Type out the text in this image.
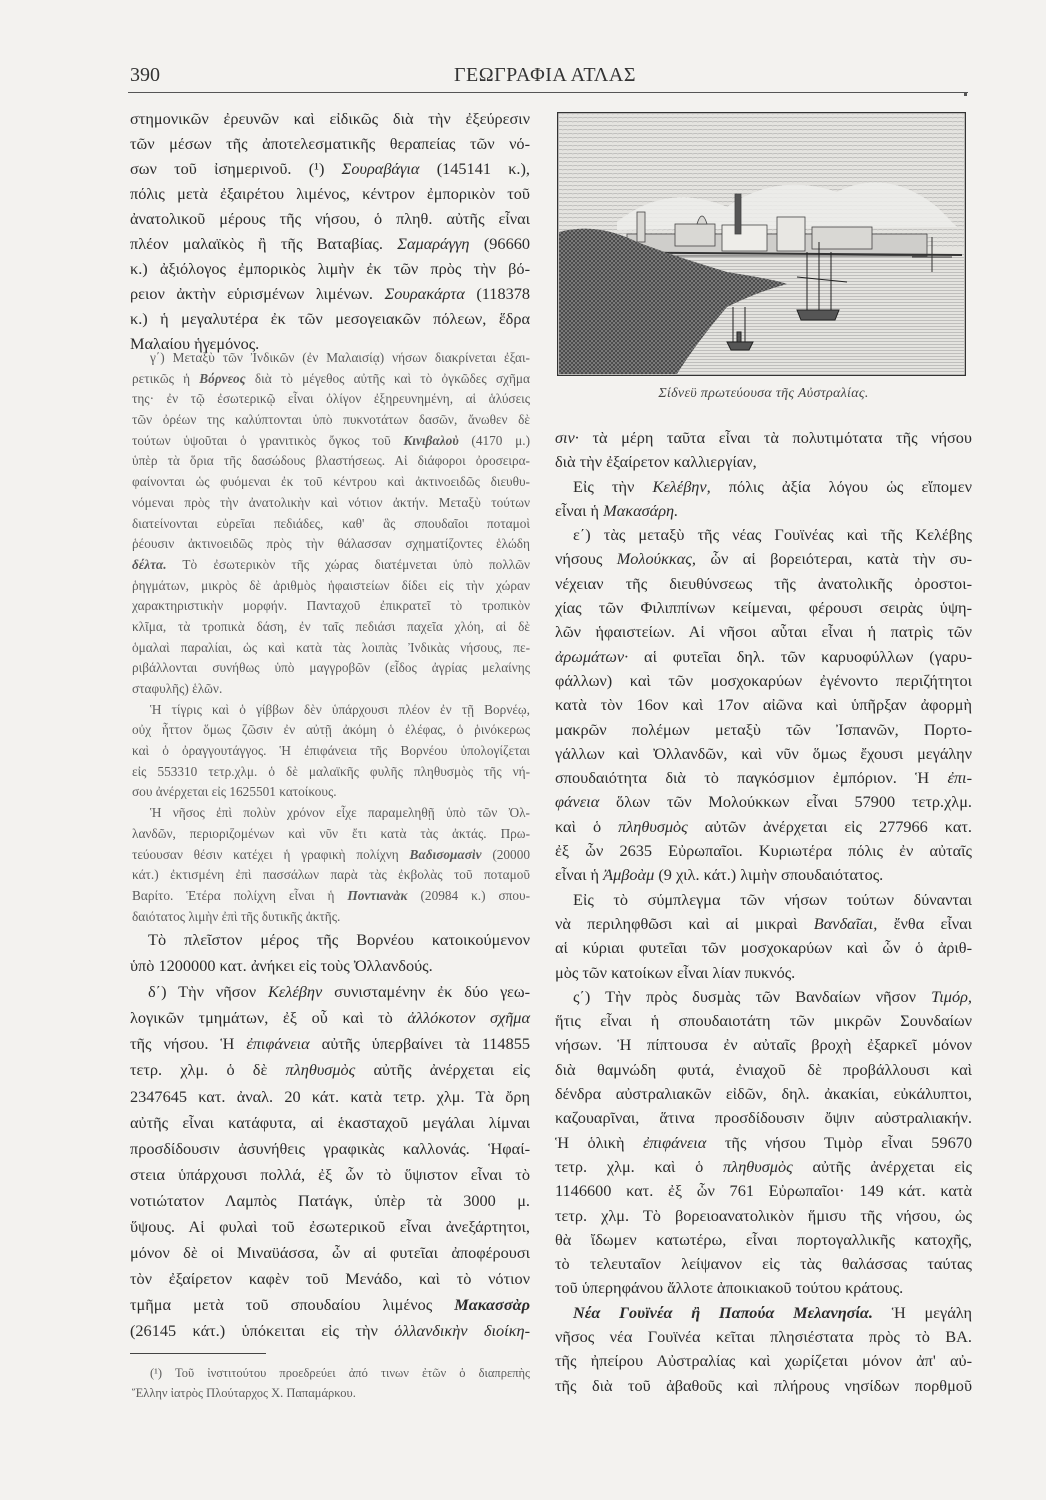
390	ΓΕΩΓΡΑΦΙΑ ΑΤΛΑΣ
στημονικῶν ἐρευνῶν καὶ εἰδικῶς διὰ τὴν ἐξεύρεσιν
τῶν μέσων τῆς ἀποτελεσματικῆς θεραπείας τῶν νό-
σων τοῦ ἰσημερινοῦ. (¹) Σουραβάγια (145141 κ.),
πόλις μετὰ ἐξαιρέτου λιμένος, κέντρον ἐμπορικὸν τοῦ
ἀνατολικοῦ μέρους τῆς νήσου, ὁ πληθ. αὐτῆς εἶναι
πλέον μαλαϊκὸς ἢ τῆς Βαταβίας. Σαμαράγγη (96660
κ.) ἀξιόλογος ἐμπορικὸς λιμὴν ἐκ τῶν πρὸς τὴν βό-
ρειον ἀκτὴν εὑρισμένων λιμένων. Σουρακάρτα (118378
κ.) ἡ μεγαλυτέρα ἐκ τῶν μεσογειακῶν πόλεων, ἕδρα
Μαλαίου ἡγεμόνος.
γ΄) Μεταξὺ τῶν Ἰνδικῶν (ἐν Μαλαισίᾳ) νήσων διακρίνεται ἐξαι-
ρετικῶς ἡ Βόρνεος διὰ τὸ μέγεθος αὐτῆς καὶ τὸ ὀγκῶδες σχῆμα
της· ἐν τῷ ἐσωτερικῷ εἶναι ὀλίγον ἐξηρευνημένη, αἱ ἁλύσεις
τῶν ὀρέων της καλύπτονται ὑπὸ πυκνοτάτων δασῶν, ἄνωθεν δὲ
τούτων ὑψοῦται ὁ γρανιτικὸς ὄγκος τοῦ Κινιβαλοὺ (4170 μ.)
ὑπὲρ τὰ ὅρια τῆς δασώδους βλαστήσεως. Αἱ διάφοροι ὀροσειρα-
φαίνονται ὡς φυόμεναι ἐκ τοῦ κέντρου καὶ ἀκτινοειδῶς διευθυ-
νόμεναι πρὸς τὴν ἀνατολικὴν καὶ νότιον ἀκτήν. Μεταξὺ τούτων
διατείνονται εὐρεῖαι πεδιάδες, καθ' ἃς σπουδαῖοι ποταμοὶ
ῥέουσιν ἀκτινοειδῶς πρὸς τὴν θάλασσαν σχηματίζοντες ἑλώδη
δέλτα. Τὸ ἐσωτερικὸν τῆς χώρας διατέμνεται ὑπὸ πολλῶν
ῥηγμάτων, μικρὸς δὲ ἀριθμὸς ἡφαιστείων δίδει εἰς τὴν χώραν
χαρακτηριστικὴν μορφήν. Πανταχοῦ ἐπικρατεῖ τὸ τροπικὸν
κλῖμα, τὰ τροπικὰ δάση, ἐν ταῖς πεδιάσι παχεῖα χλόη, αἱ δὲ
ὁμαλαὶ παραλίαι, ὡς καὶ κατὰ τὰς λοιπὰς Ἰνδικὰς νήσους, πε-
ριβάλλονται συνήθως ὑπὸ μαγγροβῶν (εἶδος ἀγρίας μελαίνης
σταφυλῆς) ἑλῶν.
Ἡ τίγρις καὶ ὁ γίββων δὲν ὑπάρχουσι πλέον ἐν τῇ Βορνέῳ,
οὐχ ἧττον ὅμως ζῶσιν ἐν αὐτῇ ἀκόμη ὁ ἐλέφας, ὁ ῥινόκερως
καὶ ὁ ὀραγγουτάγγος. Ἡ ἐπιφάνεια τῆς Βορνέου ὑπολογίζεται
εἰς 553310 τετρ.χλμ. ὁ δὲ μαλαϊκῆς φυλῆς πληθυσμὸς τῆς νή-
σου ἀνέρχεται εἰς 1625501 κατοίκους.
Ἡ νῆσος ἐπὶ πολὺν χρόνον εἶχε παραμεληθῇ ὑπὸ τῶν Ὀλ-
λανδῶν, περιοριζομένων καὶ νῦν ἔτι κατὰ τὰς ἀκτάς. Πρω-
τεύουσαν θέσιν κατέχει ἡ γραφικὴ πολίχνη Βαδισομασὶν (20000
κάτ.) ἐκτισμένη ἐπὶ πασσάλων παρὰ τὰς ἐκβολὰς τοῦ ποταμοῦ
Βαρίτο. Ἑτέρα πολίχνη εἶναι ἡ Ποντιανὰκ (20984 κ.) σπου-
δαιότατος λιμὴν ἐπὶ τῆς δυτικῆς ἀκτῆς.
Τὸ πλεῖστον μέρος τῆς Βορνέου κατοικούμενον
ὑπὸ 1200000 κατ. ἀνήκει εἰς τοὺς Ὀλλανδούς.
δ΄) Τὴν νῆσον Κελέβην συνισταμένην ἐκ δύο γεω-
λογικῶν τμημάτων, ἐξ οὗ καὶ τὸ ἀλλόκοτον σχῆμα
τῆς νήσου. Ἡ ἐπιφάνεια αὐτῆς ὑπερβαίνει τὰ 114855
τετρ. χλμ. ὁ δὲ πληθυσμὸς αὐτῆς ἀνέρχεται εἰς
2347645 κατ. ἀναλ. 20 κάτ. κατὰ τετρ. χλμ. Τὰ ὄρη
αὐτῆς εἶναι κατάφυτα, αἱ ἑκασταχοῦ μεγάλαι λίμναι
προσδίδουσιν ἀσυνήθεις γραφικὰς καλλονάς. Ἡφαί-
στεια ὑπάρχουσι πολλά, ἐξ ὧν τὸ ὕψιστον εἶναι τὸ
νοτιώτατον Λαμπὸς Πατάγκ, ὑπὲρ τὰ 3000 μ.
ὕψους. Αἱ φυλαὶ τοῦ ἐσωτερικοῦ εἶναι ἀνεξάρτητοι,
μόνον δὲ οἱ Μιναϋάσσα, ὧν αἱ φυτεῖαι ἀποφέρουσι
τὸν ἐξαίρετον καφὲν τοῦ Μενάδο, καὶ τὸ νότιον
τμῆμα μετὰ τοῦ σπουδαίου λιμένος Μακασσὰρ
(26145 κάτ.) ὑπόκειται εἰς τὴν ὁλλανδικὴν διοίκη-
(¹) Τοῦ ἰνστιτούτου προεδρεύει ἀπό τινων ἐτῶν ὁ διαπρεπὴς
Ἕλλην ἰατρὸς Πλούταρχος Χ. Παπαμάρκου.
Σίδνεϋ πρωτεύουσα τῆς Αὐστραλίας.
σιν· τὰ μέρη ταῦτα εἶναι τὰ πολυτιμότατα τῆς νήσου
διὰ τὴν ἐξαίρετον καλλιεργίαν,
Εἰς τὴν Κελέβην, πόλις ἀξία λόγου ὡς εἴπομεν
εἶναι ἡ Μακασάρη.
ε΄) τὰς μεταξὺ τῆς νέας Γουϊνέας καὶ τῆς Κελέβης
νήσους Μολούκκας, ὧν αἱ βορειότεραι, κατὰ τὴν συ-
νέχειαν τῆς διευθύνσεως τῆς ἀνατολικῆς ὀροστοι-
χίας τῶν Φιλιππίνων κείμεναι, φέρουσι σειρὰς ὑψη-
λῶν ἡφαιστείων. Αἱ νῆσοι αὗται εἶναι ἡ πατρὶς τῶν
ἀρωμάτων· αἱ φυτεῖαι δηλ. τῶν καρυοφύλλων (γαρυ-
φάλλων) καὶ τῶν μοσχοκαρύων ἐγένοντο περιζήτητοι
κατὰ τὸν 16ον καὶ 17ον αἰῶνα καὶ ὑπῆρξαν ἀφορμὴ
μακρῶν πολέμων μεταξὺ τῶν Ἰσπανῶν, Πορτο-
γάλλων καὶ Ὀλλανδῶν, καὶ νῦν ὅμως ἔχουσι μεγάλην
σπουδαιότητα διὰ τὸ παγκόσμιον ἐμπόριον. Ἡ ἐπι-
φάνεια ὅλων τῶν Μολούκκων εἶναι 57900 τετρ.χλμ.
καὶ ὁ πληθυσμὸς αὐτῶν ἀνέρχεται εἰς 277966 κατ.
ἐξ ὧν 2635 Εὐρωπαῖοι. Κυριωτέρα πόλις ἐν αὐταῖς
εἶναι ἡ Ἀμβοὰμ (9 χιλ. κάτ.) λιμὴν σπουδαιότατος.
Εἰς τὸ σύμπλεγμα τῶν νήσων τούτων δύνανται
νὰ περιληφθῶσι καὶ αἱ μικραὶ Βανδαῖαι, ἔνθα εἶναι
αἱ κύριαι φυτεῖαι τῶν μοσχοκαρύων καὶ ὧν ὁ ἀριθ-
μὸς τῶν κατοίκων εἶναι λίαν πυκνός.
ς΄) Τὴν πρὸς δυσμὰς τῶν Βανδαίων νῆσον Τιμόρ,
ἥτις εἶναι ἡ σπουδαιοτάτη τῶν μικρῶν Σουνδαίων
νήσων. Ἡ πίπτουσα ἐν αὐταῖς βροχὴ ἐξαρκεῖ μόνον
διὰ θαμνώδη φυτά, ἐνιαχοῦ δὲ προβάλλουσι καὶ
δένδρα αὐστραλιακῶν εἰδῶν, δηλ. ἀκακίαι, εὐκάλυπτοι,
καζουαρῖναι, ἅτινα προσδίδουσιν ὄψιν αὐστραλιακήν.
Ἡ ὁλικὴ ἐπιφάνεια τῆς νήσου Τιμὸρ εἶναι 59670
τετρ. χλμ. καὶ ὁ πληθυσμὸς αὐτῆς ἀνέρχεται εἰς
1146600 κατ. ἐξ ὧν 761 Εὐρωπαῖοι· 149 κάτ. κατὰ
τετρ. χλμ. Τὸ βορειοανατολικὸν ἥμισυ τῆς νήσου, ὡς
θὰ ἴδωμεν κατωτέρω, εἶναι πορτογαλλικῆς κατοχῆς,
τὸ τελευταῖον λείψανον εἰς τὰς θαλάσσας ταύτας
τοῦ ὑπερηφάνου ἄλλοτε ἀποικιακοῦ τούτου κράτους.
Νέα Γουϊνέα ἢ Παπούα Μελανησία. Ἡ μεγάλη
νῆσος νέα Γουϊνέα κεῖται πλησιέστατα πρὸς τὸ ΒΑ.
τῆς ἠπείρου Αὐστραλίας καὶ χωρίζεται μόνον ἀπ' αὐ-
τῆς διὰ τοῦ ἀβαθοῦς καὶ πλήρους νησίδων πορθμοῦ
